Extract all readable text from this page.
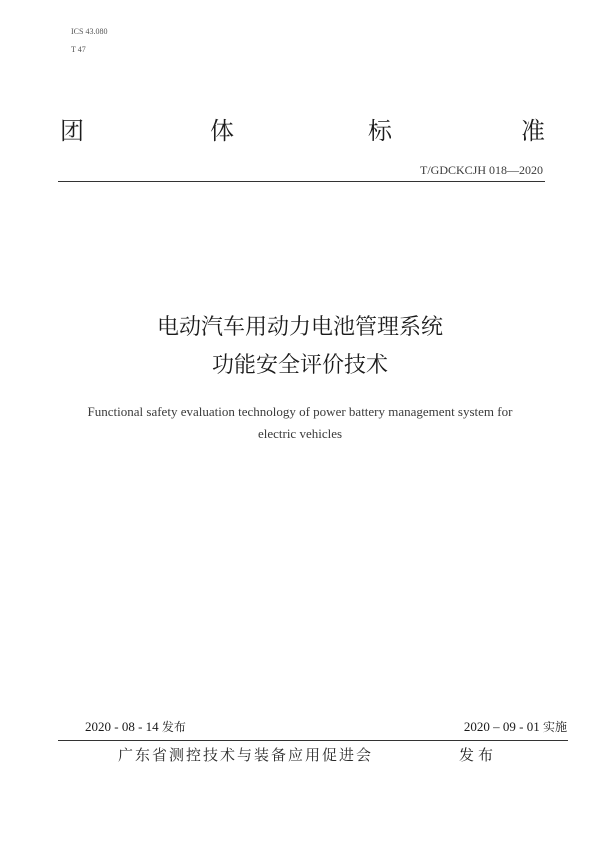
ICS 43.080
T 47
团	体	标	准
T/GDCKCJH 018—2020
电动汽车用动力电池管理系统
功能安全评价技术
Functional safety evaluation technology of power battery management system for
electric vehicles
2020 - 08 - 14 发布	2020 – 09 - 01 实施
广东省测控技术与装备应用促进会	发布
